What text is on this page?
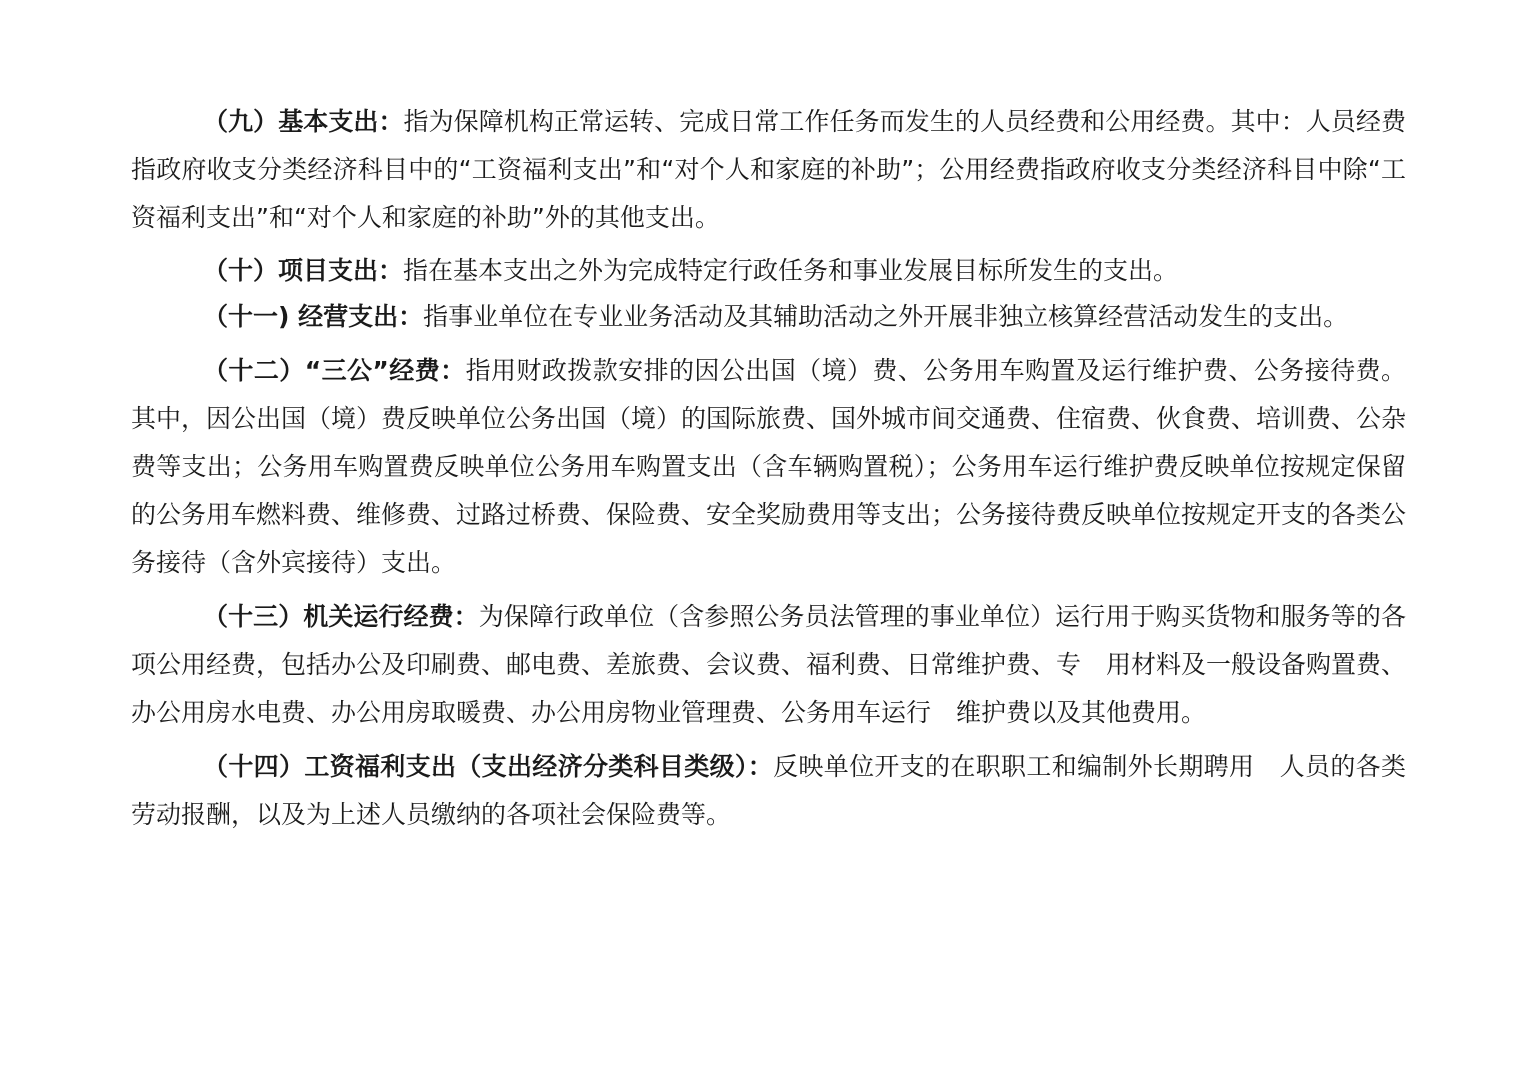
（九）基本支出：指为保障机构正常运转、完成日常工作任务而发生的人员经费和公用经费。其中：人员经费指政府收支分类经济科目中的“工资福利支出”和“对个人和家庭的补助”；公用经费指政府收支分类经济科目中除“工资福利支出”和“对个人和家庭的补助”外的其他支出。

（十）项目支出：指在基本支出之外为完成特定行政任务和事业发展目标所发生的支出。

（十一) 经营支出：指事业单位在专业业务活动及其辅助活动之外开展非独立核算经营活动发生的支出。

（十二）“三公”经费：指用财政拨款安排的因公出国（境）费、公务用车购置及运行维护费、公务接待费。其中，因公出国（境）费反映单位公务出国（境）的国际旅费、国外城市间交通费、住宿费、伙食费、培训费、公杂费等支出；公务用车购置费反映单位公务用车购置支出（含车辆购置税）；公务用车运行维护费反映单位按规定保留的公务用车燃料费、维修费、过路过桥费、保险费、安全奖励费用等支出；公务接待费反映单位按规定开支的各类公务接待（含外宾接待）支出。

（十三）机关运行经费：为保障行政单位（含参照公务员法管理的事业单位）运行用于购买货物和服务等的各项公用经费，包括办公及印刷费、邮电费、差旅费、会议费、福利费、日常维护费、专　用材料及一般设备购置费、办公用房水电费、办公用房取暖费、办公用房物业管理费、公务用车运行　维护费以及其他费用。

（十四）工资福利支出（支出经济分类科目类级）：反映单位开支的在职职工和编制外长期聘用　人员的各类劳动报酬，以及为上述人员缴纳的各项社会保险费等。
